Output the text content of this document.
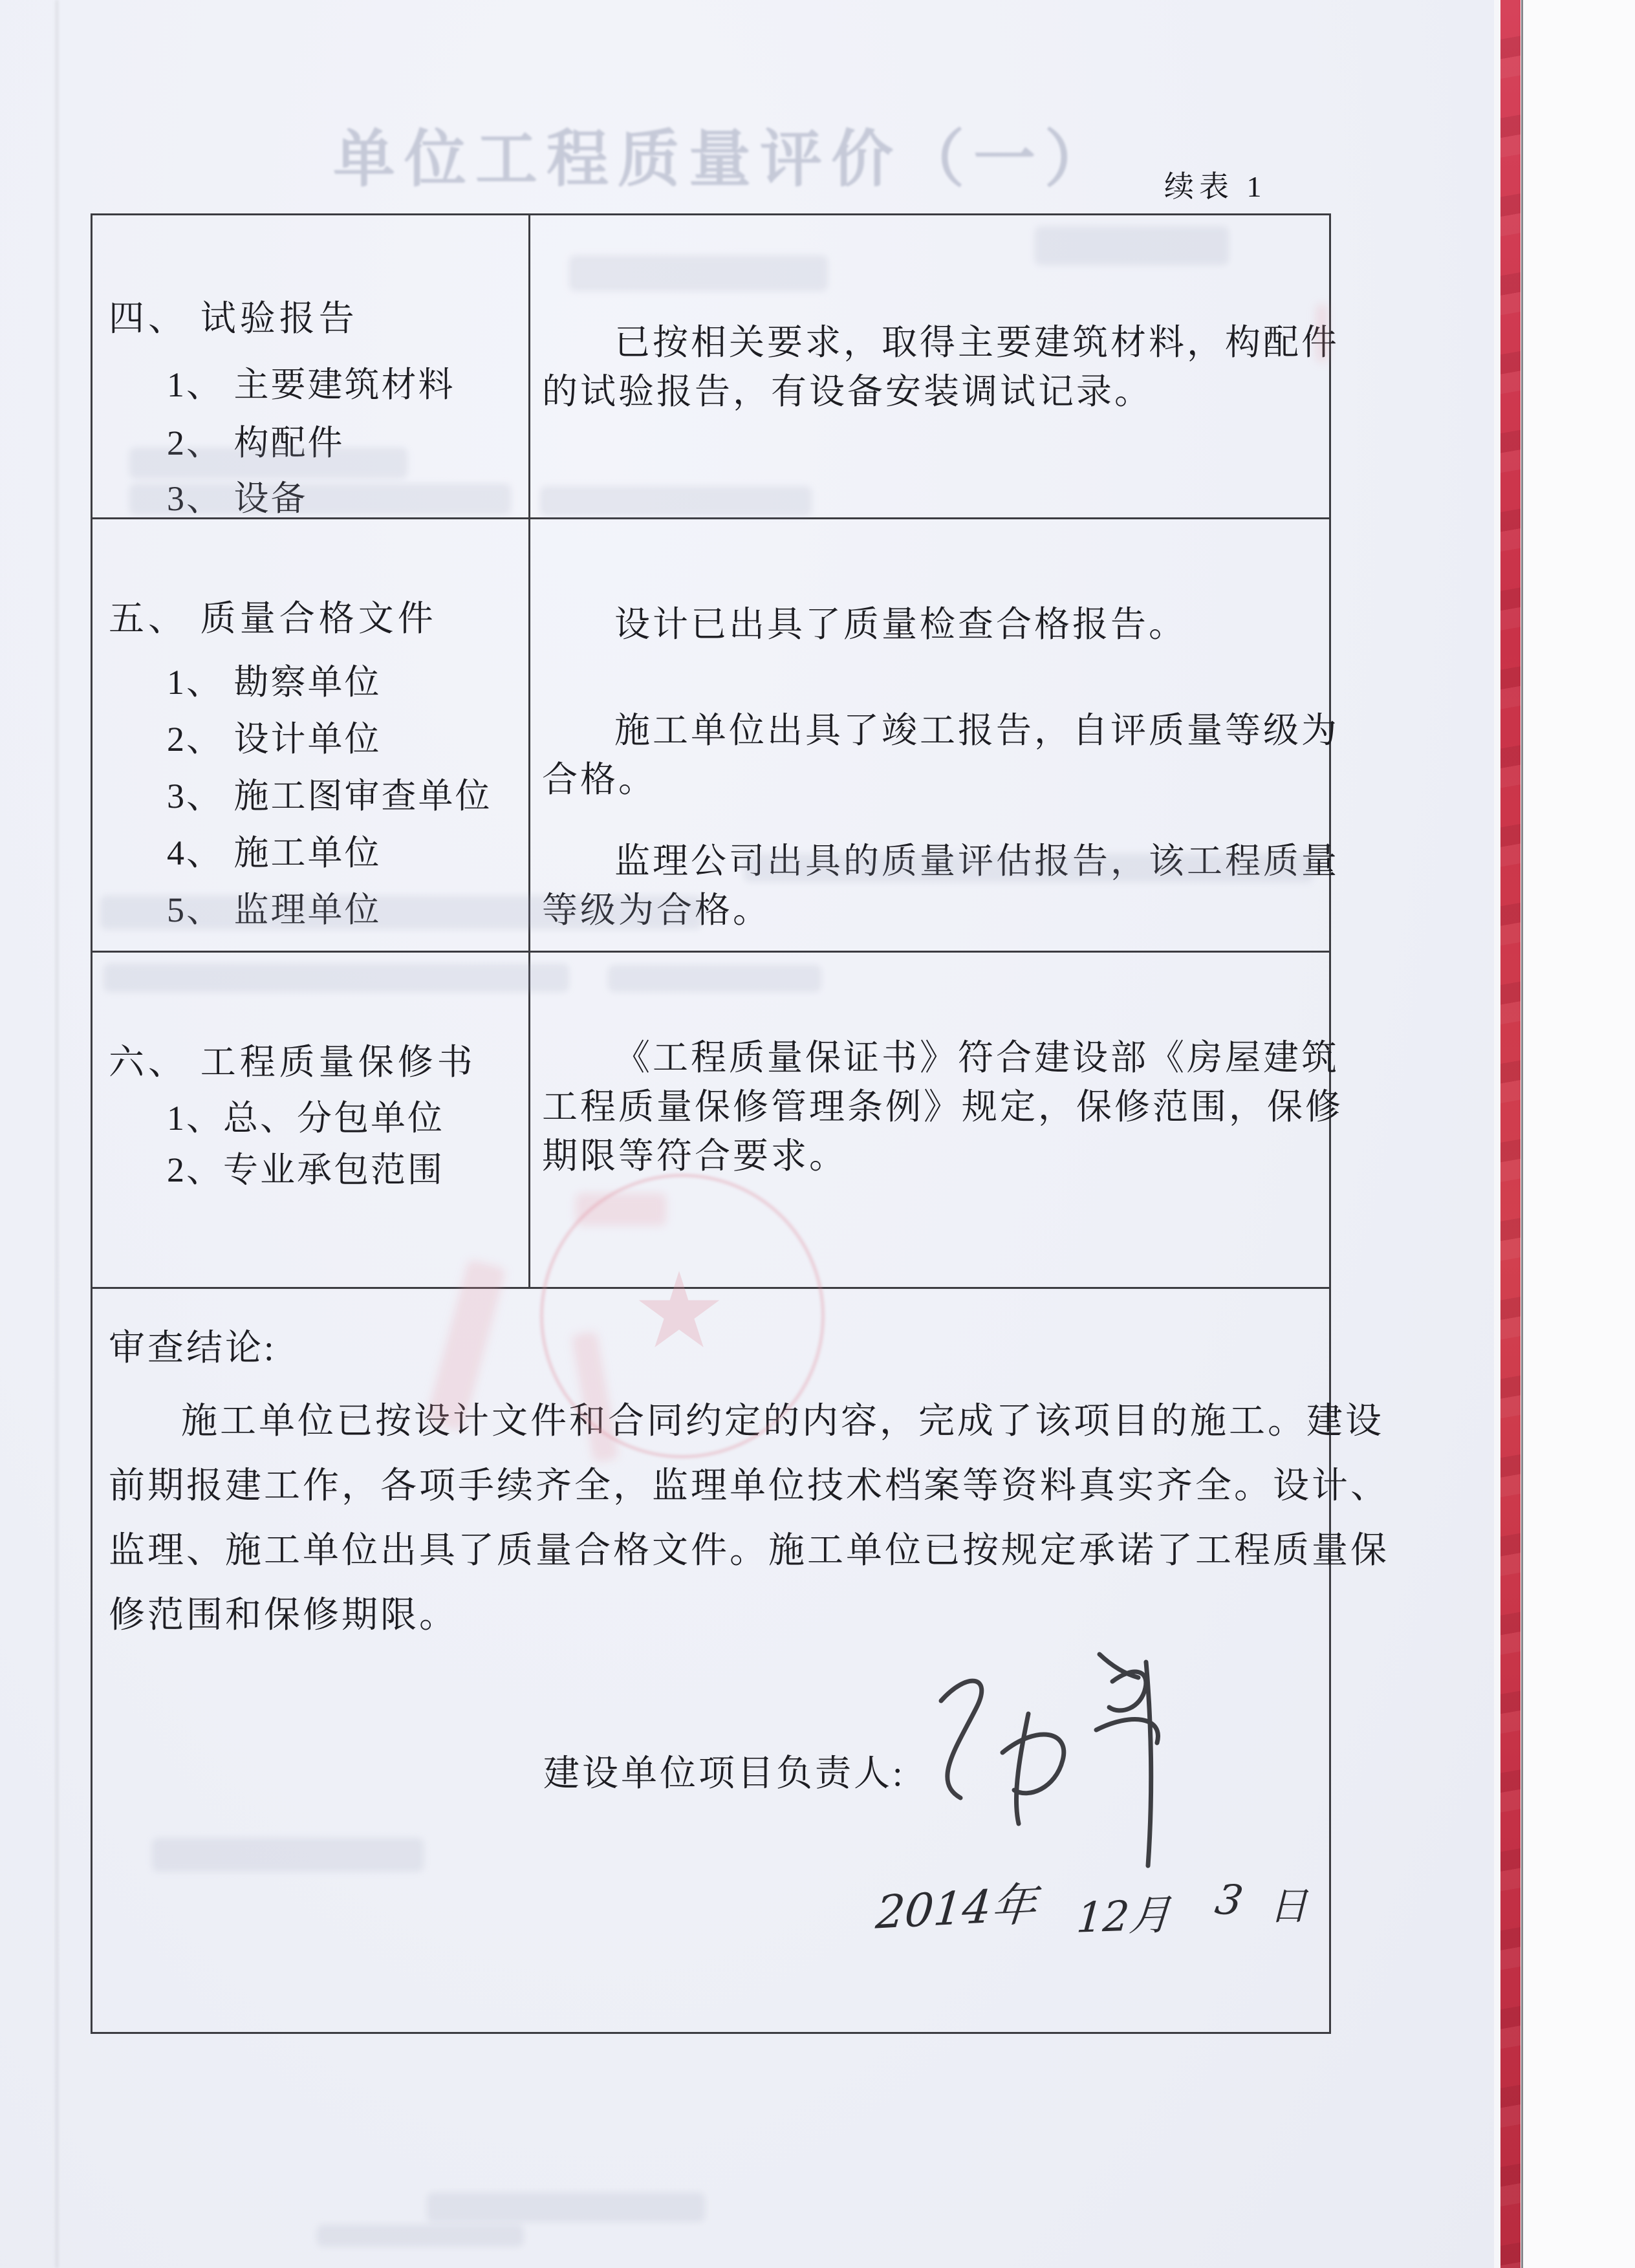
单位工程质量评价（一） 续表 1
四、 试验报告
1、 主要建筑材料
2、 构配件
3、 设备
已按相关要求，取得主要建筑材料，构配件
的试验报告，有设备安装调试记录。
五、 质量合格文件
1、 勘察单位
2、 设计单位
3、 施工图审查单位
4、 施工单位
5、 监理单位
设计已出具了质量检查合格报告。
施工单位出具了竣工报告，自评质量等级为
合格。
监理公司出具的质量评估报告，该工程质量
等级为合格。
六、 工程质量保修书
1、总、分包单位
2、专业承包范围
《工程质量保证书》符合建设部《房屋建筑
工程质量保修管理条例》规定，保修范围，保修
期限等符合要求。
审查结论:
施工单位已按设计文件和合同约定的内容，完成了该项目的施工。建设
前期报建工作，各项手续齐全，监理单位技术档案等资料真实齐全。设计、
监理、施工单位出具了质量合格文件。施工单位已按规定承诺了工程质量保
修范围和保修期限。
建设单位项目负责人:
2014年 12月 3 日
